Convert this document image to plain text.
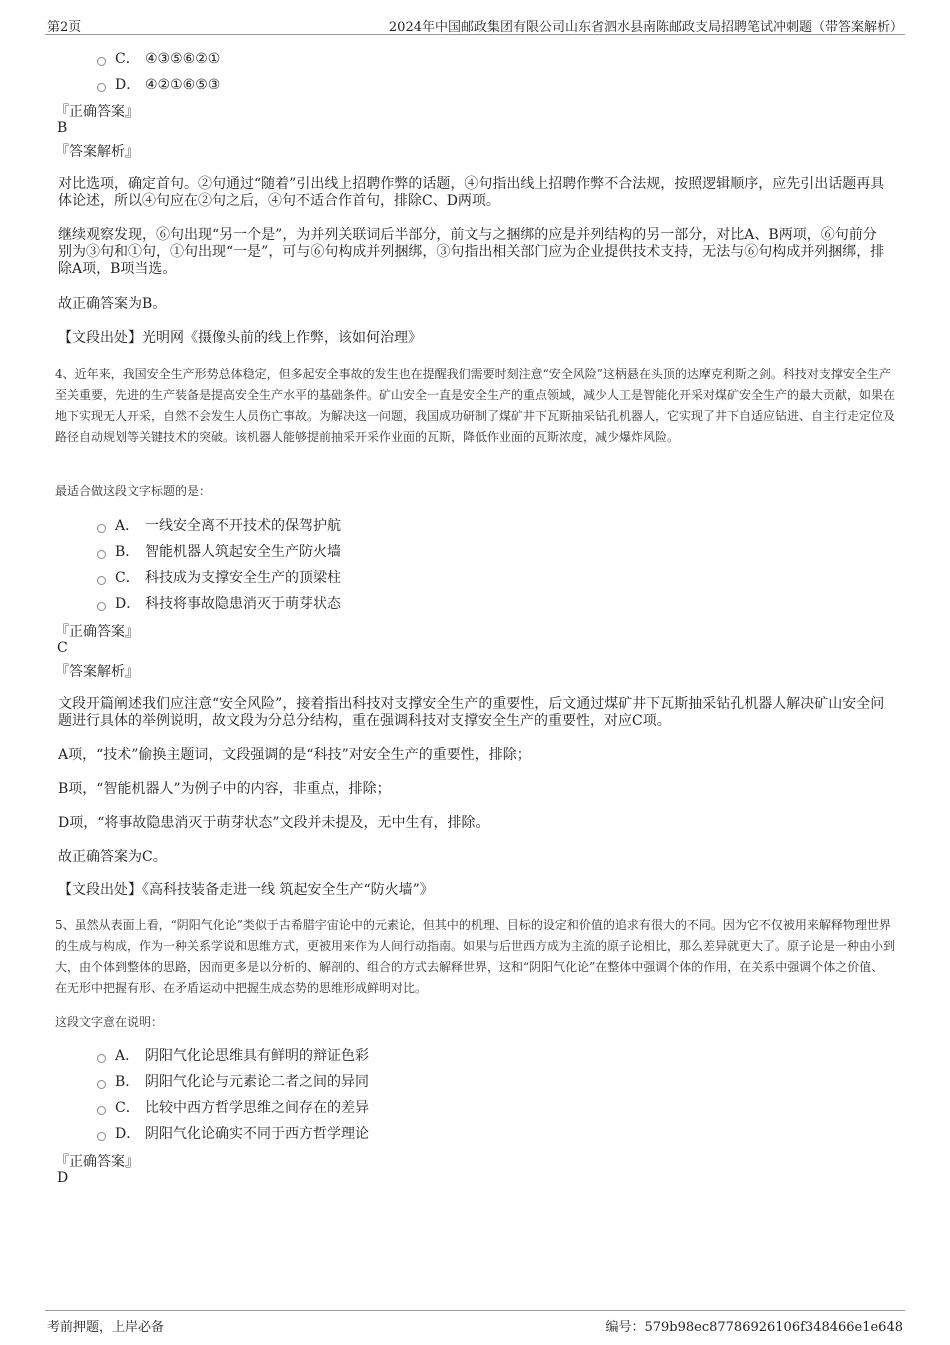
第2页	2024年中国邮政集团有限公司山东省泗水县南陈邮政支局招聘笔试冲刺题（带答案解析）
C． ④③⑤⑥②①
D． ④②①⑥⑤③
『正确答案』
B
『答案解析』
对比选项，确定首句。②句通过“随着”引出线上招聘作弊的话题，④句指出线上招聘作弊不合法规，按照逻辑顺序，应先引出话题再具体论述，所以④句应在②句之后，④句不适合作首句，排除C、D两项。
继续观察发现，⑥句出现“另一个是”，为并列关联词后半部分，前文与之捆绑的应是并列结构的另一部分，对比A、B两项，⑥句前分别为③句和①句，①句出现“一是”，可与⑥句构成并列捆绑，③句指出相关部门应为企业提供技术支持，无法与⑥句构成并列捆绑，排除A项，B项当选。
故正确答案为B。
【文段出处】光明网《摄像头前的线上作弊，该如何治理》
4、近年来，我国安全生产形势总体稳定，但多起安全事故的发生也在提醒我们需要时刻注意“安全风险”这柄悬在头顶的达摩克利斯之剑。科技对支撑安全生产至关重要，先进的生产装备是提高安全生产水平的基础条件。矿山安全一直是安全生产的重点领域，减少人工是智能化开采对煤矿安全生产的最大贡献，如果在地下实现无人开采，自然不会发生人员伤亡事故。为解决这一问题，我国成功研制了煤矿井下瓦斯抽采钻孔机器人，它实现了井下自适应钻进、自主行走定位及路径自动规划等关键技术的突破。该机器人能够提前抽采开采作业面的瓦斯，降低作业面的瓦斯浓度，减少爆炸风险。
最适合做这段文字标题的是：
A． 一线安全离不开技术的保驾护航
B． 智能机器人筑起安全生产防火墙
C． 科技成为支撑安全生产的顶梁柱
D． 科技将事故隐患消灭于萌芽状态
『正确答案』
C
『答案解析』
文段开篇阐述我们应注意“安全风险”，接着指出科技对支撑安全生产的重要性，后文通过煤矿井下瓦斯抽采钻孔机器人解决矿山安全问题进行具体的举例说明，故文段为分总分结构，重在强调科技对支撑安全生产的重要性，对应C项。
A项，“技术”偷换主题词，文段强调的是“科技”对安全生产的重要性，排除；
B项，“智能机器人”为例子中的内容，非重点，排除；
D项，“将事故隐患消灭于萌芽状态”文段并未提及，无中生有，排除。
故正确答案为C。
【文段出处】《高科技装备走进一线 筑起安全生产“防火墙”》
5、虽然从表面上看，“阴阳气化论”类似于古希腊宇宙论中的元素论，但其中的机理、目标的设定和价值的追求有很大的不同。因为它不仅被用来解释物理世界的生成与构成，作为一种关系学说和思维方式，更被用来作为人间行动指南。如果与后世西方成为主流的原子论相比，那么差异就更大了。原子论是一种由小到大，由个体到整体的思路，因而更多是以分析的、解剖的、组合的方式去解释世界，这和“阴阳气化论”在整体中强调个体的作用，在关系中强调个体之价值、在无形中把握有形、在矛盾运动中把握生成态势的思维形成鲜明对比。
这段文字意在说明：
A． 阴阳气化论思维具有鲜明的辩证色彩
B． 阴阳气化论与元素论二者之间的异同
C． 比较中西方哲学思维之间存在的差异
D． 阴阳气化论确实不同于西方哲学理论
『正确答案』
D
考前押题，上岸必备	编号：579b98ec87786926106f348466e1e648
